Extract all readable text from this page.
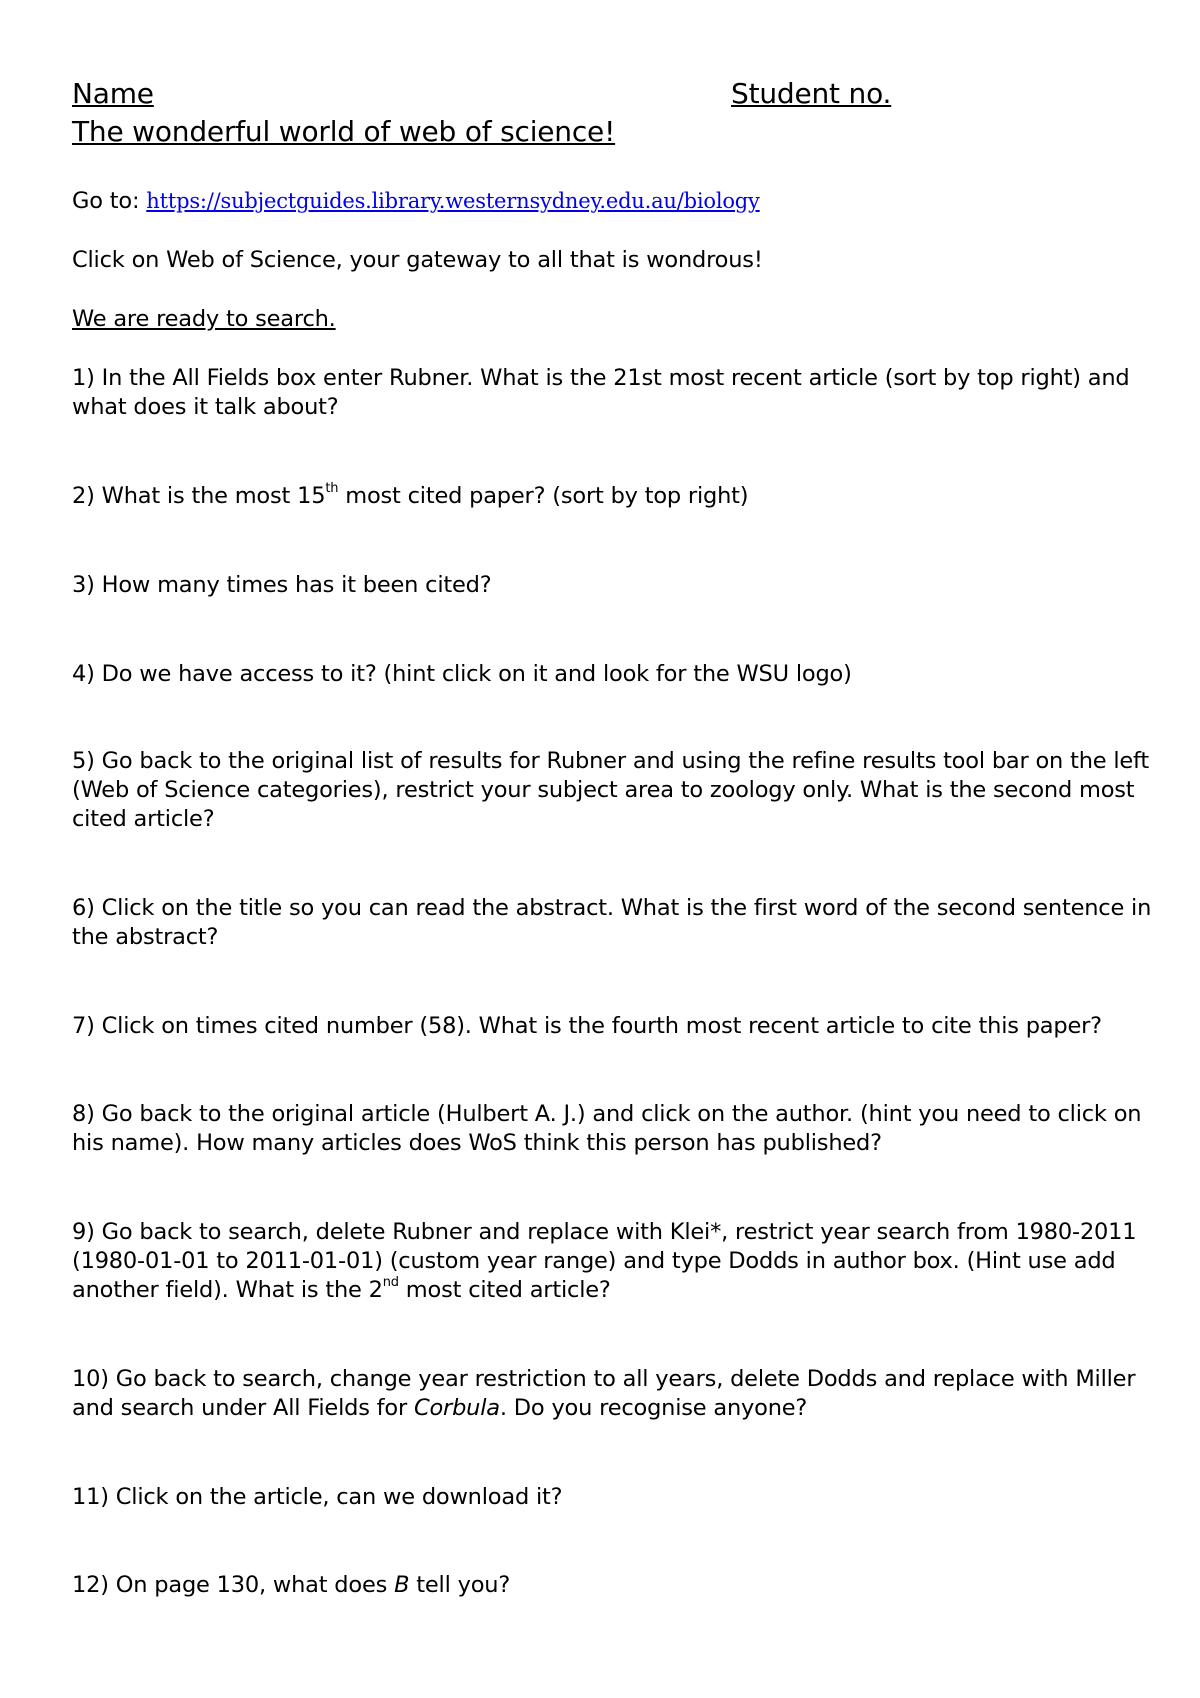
Name	Student no.
The wonderful world of web of science!
Go to: https://subjectguides.library.westernsydney.edu.au/biology
Click on Web of Science, your gateway to all that is wondrous!
We are ready to search.
1) In the All Fields box enter Rubner. What is the 21st most recent article (sort by top right) and
what does it talk about?
2) What is the most 15th most cited paper? (sort by top right)
3) How many times has it been cited?
4) Do we have access to it? (hint click on it and look for the WSU logo)
5) Go back to the original list of results for Rubner and using the refine results tool bar on the left
(Web of Science categories), restrict your subject area to zoology only. What is the second most
cited article?
6) Click on the title so you can read the abstract. What is the first word of the second sentence in
the abstract?
7) Click on times cited number (58). What is the fourth most recent article to cite this paper?
8) Go back to the original article (Hulbert A. J.) and click on the author. (hint you need to click on
his name). How many articles does WoS think this person has published?
9) Go back to search, delete Rubner and replace with Klei*, restrict year search from 1980-2011
(1980-01-01 to 2011-01-01) (custom year range) and type Dodds in author box. (Hint use add
another field). What is the 2nd most cited article?
10) Go back to search, change year restriction to all years, delete Dodds and replace with Miller
and search under All Fields for Corbula. Do you recognise anyone?
11) Click on the article, can we download it?
12) On page 130, what does B tell you?
